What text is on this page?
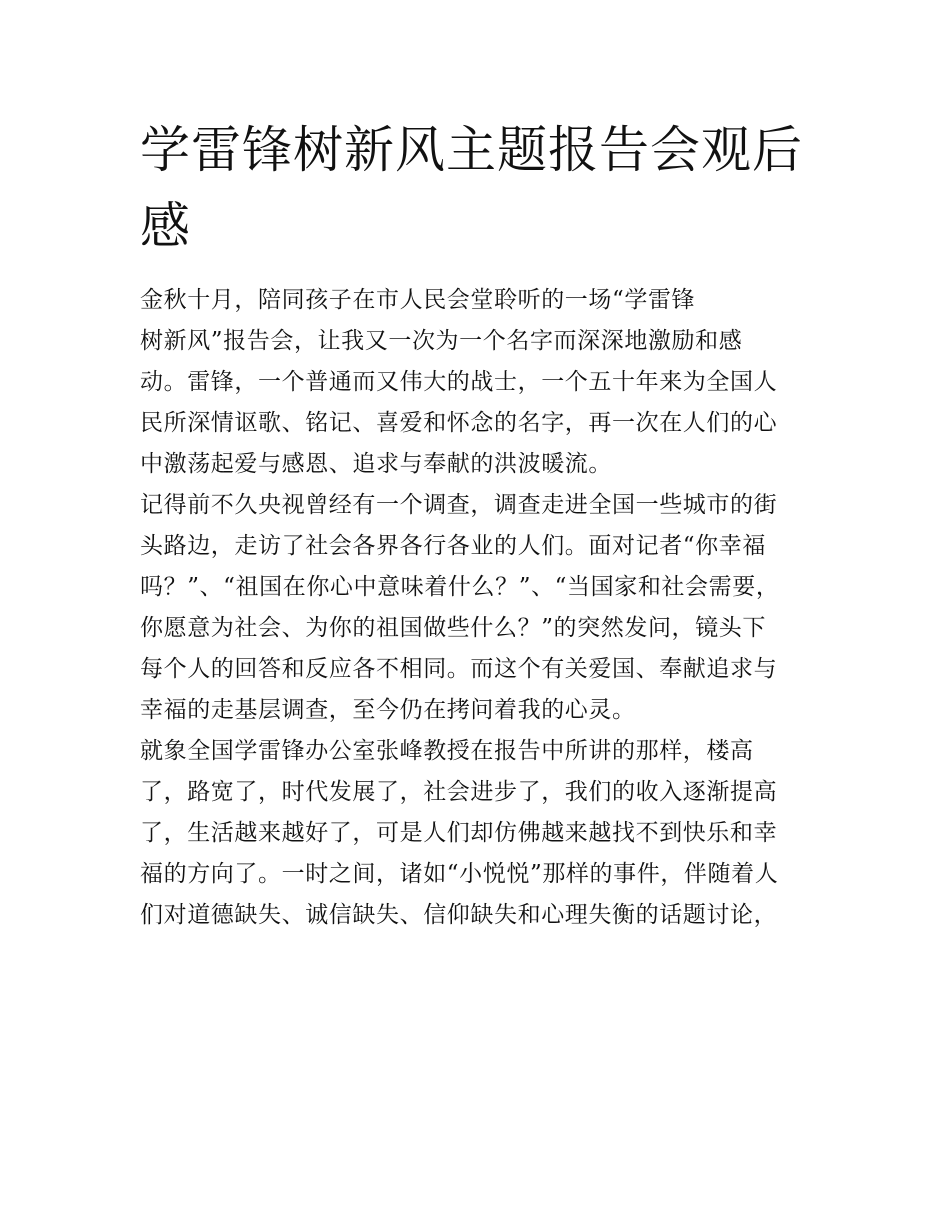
学雷锋树新风主题报告会观后
感

金秋十月，陪同孩子在市人民会堂聆听的一场“学雷锋
树新风”报告会，让我又一次为一个名字而深深地激励和感
动。雷锋，一个普通而又伟大的战士，一个五十年来为全国人
民所深情讴歌、铭记、喜爱和怀念的名字，再一次在人们的心
中激荡起爱与感恩、追求与奉献的洪波暖流。

记得前不久央视曾经有一个调查，调查走进全国一些城市的街
头路边，走访了社会各界各行各业的人们。面对记者“你幸福
吗？”、“祖国在你心中意味着什么？”、“当国家和社会需要，
你愿意为社会、为你的祖国做些什么？”的突然发问，镜头下
每个人的回答和反应各不相同。而这个有关爱国、奉献追求与
幸福的走基层调查，至今仍在拷问着我的心灵。

就象全国学雷锋办公室张峰教授在报告中所讲的那样，楼高
了，路宽了，时代发展了，社会进步了，我们的收入逐渐提高
了，生活越来越好了，可是人们却仿佛越来越找不到快乐和幸
福的方向了。一时之间，诸如“小悦悦”那样的事件，伴随着人
们对道德缺失、诚信缺失、信仰缺失和心理失衡的话题讨论，
